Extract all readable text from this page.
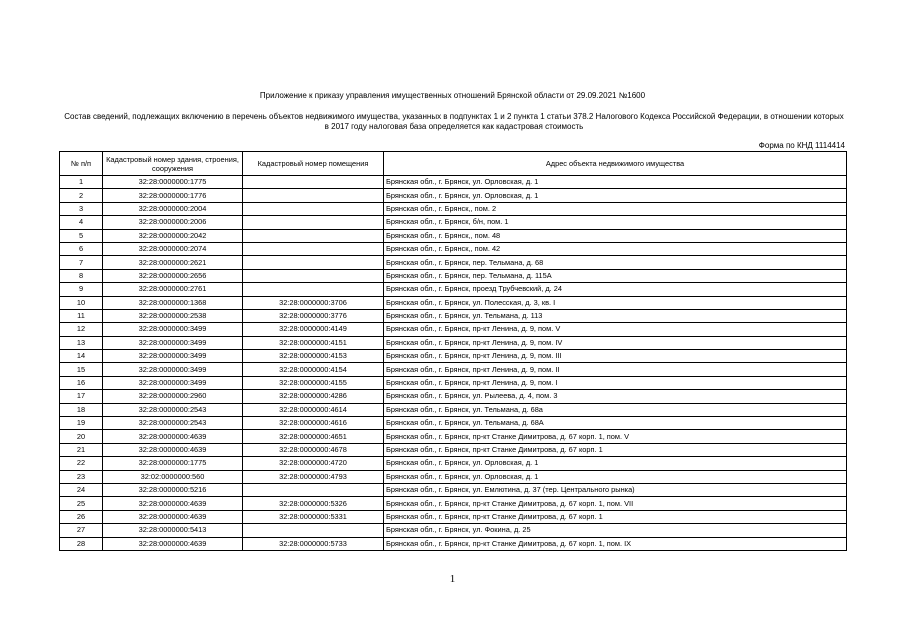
Приложение к приказу управления имущественных отношений Брянской области от 29.09.2021 №1600
Состав сведений, подлежащих включению в перечень объектов недвижимого имущества, указанных в подпунктах 1 и 2 пункта 1 статьи 378.2 Налогового Кодекса Российской Федерации, в отношении которых в 2017 году налоговая база определяется как кадастровая стоимость
Форма по КНД 1114414
№ п/п	Кадастровый номер здания, строения, сооружения	Кадастровый номер помещения	Адрес объекта недвижимого имущества
1	32:28:0000000:1775		Брянская обл., г. Брянск, ул. Орловская, д. 1
2	32:28:0000000:1776		Брянская обл., г. Брянск, ул. Орловская, д. 1
3	32:28:0000000:2004		Брянская обл., г. Брянск,, пом. 2
4	32:28:0000000:2006		Брянская обл., г. Брянск, б/н, пом. 1
5	32:28:0000000:2042		Брянская обл., г. Брянск,, пом. 48
6	32:28:0000000:2074		Брянская обл., г. Брянск,, пом. 42
7	32:28:0000000:2621		Брянская обл., г. Брянск, пер. Тельмана, д. 68
8	32:28:0000000:2656		Брянская обл., г. Брянск, пер. Тельмана, д. 115А
9	32:28:0000000:2761		Брянская обл., г. Брянск, проезд Трубчевский, д. 24
10	32:28:0000000:1368	32:28:0000000:3706	Брянская обл., г. Брянск, ул. Полесская, д. 3, кв. I
11	32:28:0000000:2538	32:28:0000000:3776	Брянская обл., г. Брянск, ул. Тельмана, д. 113
12	32:28:0000000:3499	32:28:0000000:4149	Брянская обл., г. Брянск, пр-кт Ленина, д. 9, пом. V
13	32:28:0000000:3499	32:28:0000000:4151	Брянская обл., г. Брянск, пр-кт Ленина, д. 9, пом. IV
14	32:28:0000000:3499	32:28:0000000:4153	Брянская обл., г. Брянск, пр-кт Ленина, д. 9, пом. III
15	32:28:0000000:3499	32:28:0000000:4154	Брянская обл., г. Брянск, пр-кт Ленина, д. 9, пом. II
16	32:28:0000000:3499	32:28:0000000:4155	Брянская обл., г. Брянск, пр-кт Ленина, д. 9, пом. I
17	32:28:0000000:2960	32:28:0000000:4286	Брянская обл., г. Брянск, ул. Рылеева, д. 4, пом. 3
18	32:28:0000000:2543	32:28:0000000:4614	Брянская обл., г. Брянск, ул. Тельмана, д. 68а
19	32:28:0000000:2543	32:28:0000000:4616	Брянская обл., г. Брянск, ул. Тельмана, д. 68А
20	32:28:0000000:4639	32:28:0000000:4651	Брянская обл., г. Брянск, пр-кт Станке Димитрова, д. 67 корп. 1, пом. V
21	32:28:0000000:4639	32:28:0000000:4678	Брянская обл., г. Брянск, пр-кт Станке Димитрова, д. 67 корп. 1
22	32:28:0000000:1775	32:28:0000000:4720	Брянская обл., г. Брянск, ул. Орловская, д. 1
23	32:02:0000000:560	32:28:0000000:4793	Брянская обл., г. Брянск, ул. Орловская, д. 1
24	32:28:0000000:5216		Брянская обл., г. Брянск, ул. Емлютина, д. 37 (тер. Центрального рынка)
25	32:28:0000000:4639	32:28:0000000:5326	Брянская обл., г. Брянск, пр-кт Станке Димитрова, д. 67 корп. 1, пом. VII
26	32:28:0000000:4639	32:28:0000000:5331	Брянская обл., г. Брянск, пр-кт Станке Димитрова, д. 67 корп. 1
27	32:28:0000000:5413		Брянская обл., г. Брянск, ул. Фокина, д. 25
28	32:28:0000000:4639	32:28:0000000:5733	Брянская обл., г. Брянск, пр-кт Станке Димитрова, д. 67 корп. 1, пом. IX
1
